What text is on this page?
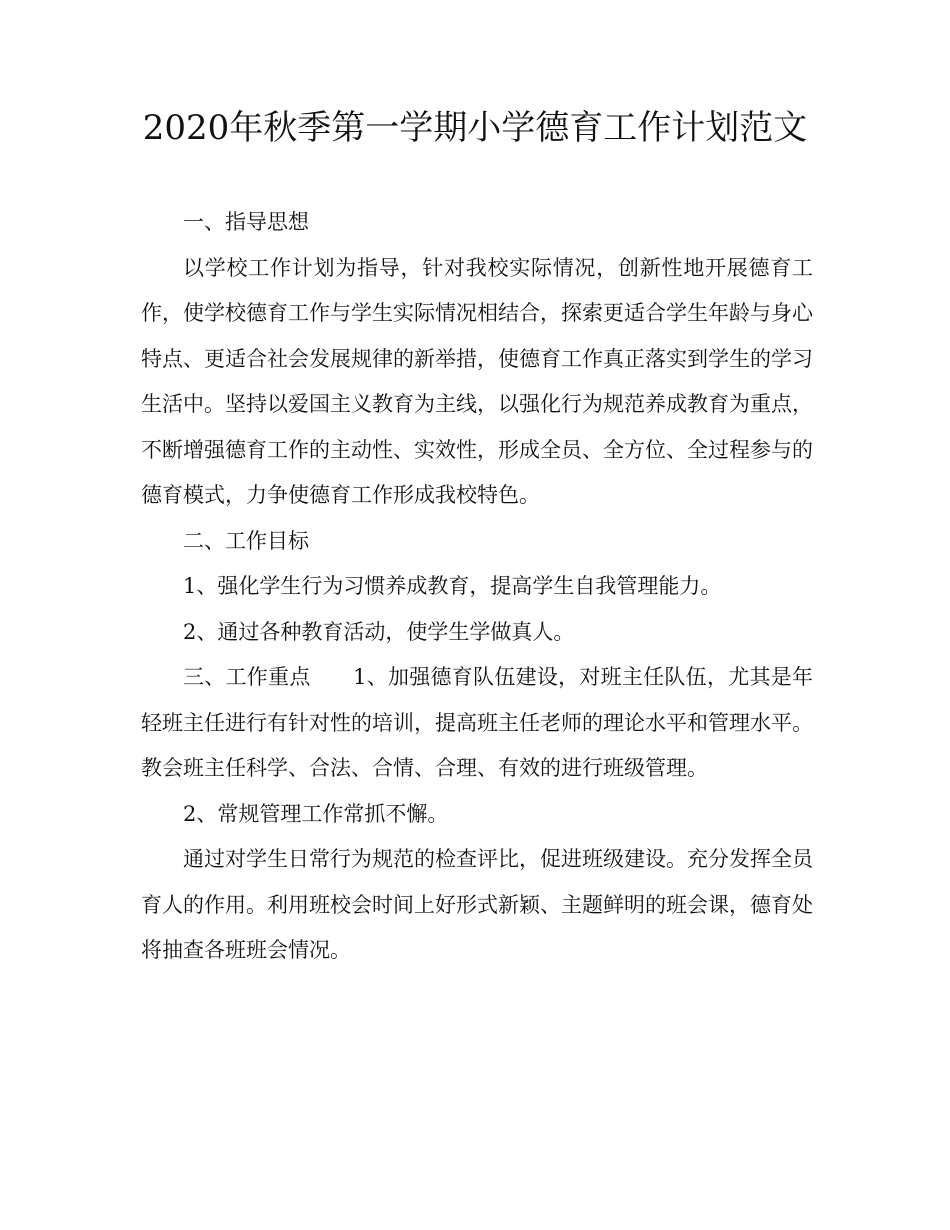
2020年秋季第一学期小学德育工作计划范文

一、指导思想

以学校工作计划为指导，针对我校实际情况，创新性地开展德育工作，使学校德育工作与学生实际情况相结合，探索更适合学生年龄与身心特点、更适合社会发展规律的新举措，使德育工作真正落实到学生的学习生活中。坚持以爱国主义教育为主线，以强化行为规范养成教育为重点，不断增强德育工作的主动性、实效性，形成全员、全方位、全过程参与的德育模式，力争使德育工作形成我校特色。

二、工作目标

1、强化学生行为习惯养成教育，提高学生自我管理能力。

2、通过各种教育活动，使学生学做真人。

三、工作重点　　1、加强德育队伍建设，对班主任队伍，尤其是年轻班主任进行有针对性的培训，提高班主任老师的理论水平和管理水平。教会班主任科学、合法、合情、合理、有效的进行班级管理。

2、常规管理工作常抓不懈。

通过对学生日常行为规范的检查评比，促进班级建设。充分发挥全员育人的作用。利用班校会时间上好形式新颖、主题鲜明的班会课，德育处将抽查各班班会情况。
